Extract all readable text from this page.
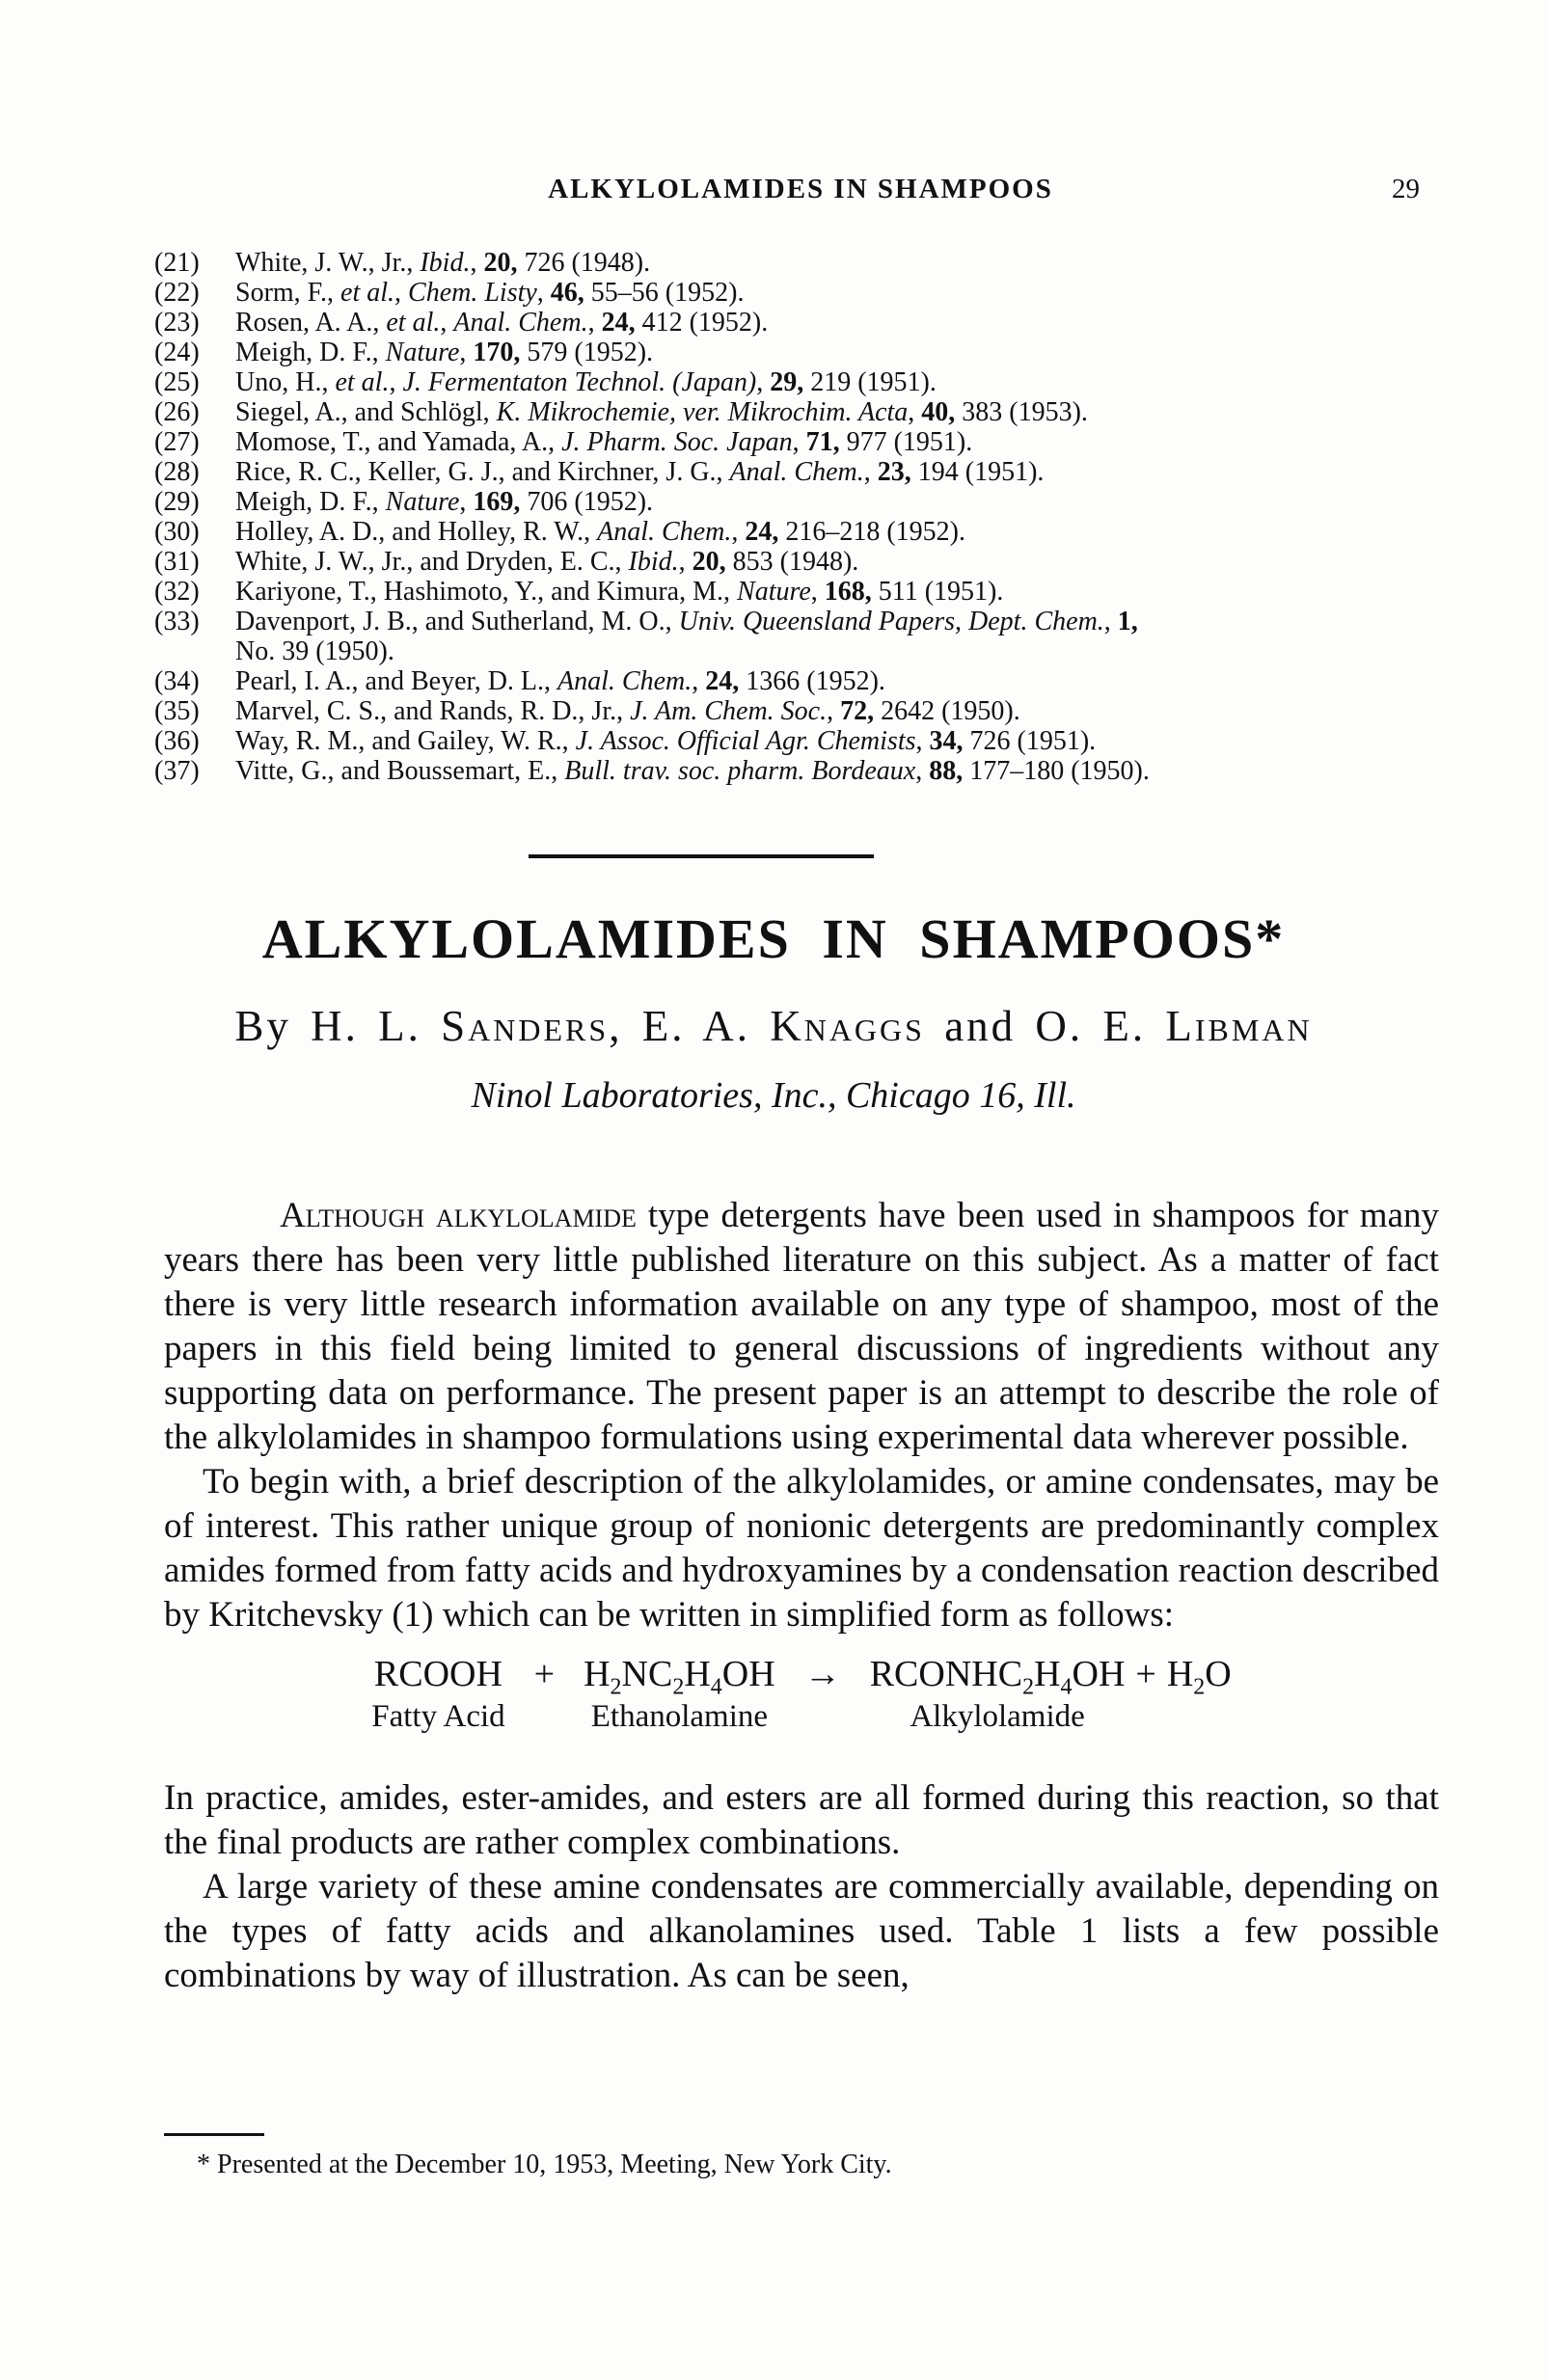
ALKYLOLAMIDES IN SHAMPOOS	29
(21) White, J. W., Jr., Ibid., 20, 726 (1948).
(22) Sorm, F., et al., Chem. Listy, 46, 55–56 (1952).
(23) Rosen, A. A., et al., Anal. Chem., 24, 412 (1952).
(24) Meigh, D. F., Nature, 170, 579 (1952).
(25) Uno, H., et al., J. Fermentaton Technol. (Japan), 29, 219 (1951).
(26) Siegel, A., and Schlögl, K. Mikrochemie, ver. Mikrochim. Acta, 40, 383 (1953).
(27) Momose, T., and Yamada, A., J. Pharm. Soc. Japan, 71, 977 (1951).
(28) Rice, R. C., Keller, G. J., and Kirchner, J. G., Anal. Chem., 23, 194 (1951).
(29) Meigh, D. F., Nature, 169, 706 (1952).
(30) Holley, A. D., and Holley, R. W., Anal. Chem., 24, 216–218 (1952).
(31) White, J. W., Jr., and Dryden, E. C., Ibid., 20, 853 (1948).
(32) Kariyone, T., Hashimoto, Y., and Kimura, M., Nature, 168, 511 (1951).
(33) Davenport, J. B., and Sutherland, M. O., Univ. Queensland Papers, Dept. Chem., 1,
No. 39 (1950).
(34) Pearl, I. A., and Beyer, D. L., Anal. Chem., 24, 1366 (1952).
(35) Marvel, C. S., and Rands, R. D., Jr., J. Am. Chem. Soc., 72, 2642 (1950).
(36) Way, R. M., and Gailey, W. R., J. Assoc. Official Agr. Chemists, 34, 726 (1951).
(37) Vitte, G., and Boussemart, E., Bull. trav. soc. pharm. Bordeaux, 88, 177–180 (1950).
ALKYLOLAMIDES IN SHAMPOOS*
By H. L. Sanders, E. A. Knaggs and O. E. Libman
Ninol Laboratories, Inc., Chicago 16, Ill.

Although alkylolamide type detergents have been used in shampoos for many years there has been very little published literature on this subject. As a matter of fact there is very little research information available on any type of shampoo, most of the papers in this field being limited to general discussions of ingredients without any supporting data on performance. The present paper is an attempt to describe the role of the alkylolamides in shampoo formulations using experimental data wherever possible.

To begin with, a brief description of the alkylolamides, or amine condensates, may be of interest. This rather unique group of nonionic detergents are predominantly complex amides formed from fatty acids and hydroxyamines by a condensation reaction described by Kritchevsky (1) which can be written in simplified form as follows:

RCOOH
Fatty Acid
+ $H_2NC_2H_4OH$
Ethanolamine
→ $RCONHC_2H_4OH$
Alkylolamide
+ $H_2O$

In practice, amides, ester-amides, and esters are all formed during this reaction, so that the final products are rather complex combinations.

A large variety of these amine condensates are commercially available, depending on the types of fatty acids and alkanolamines used. Table 1 lists a few possible combinations by way of illustration. As can be seen,

* Presented at the December 10, 1953, Meeting, New York City.
